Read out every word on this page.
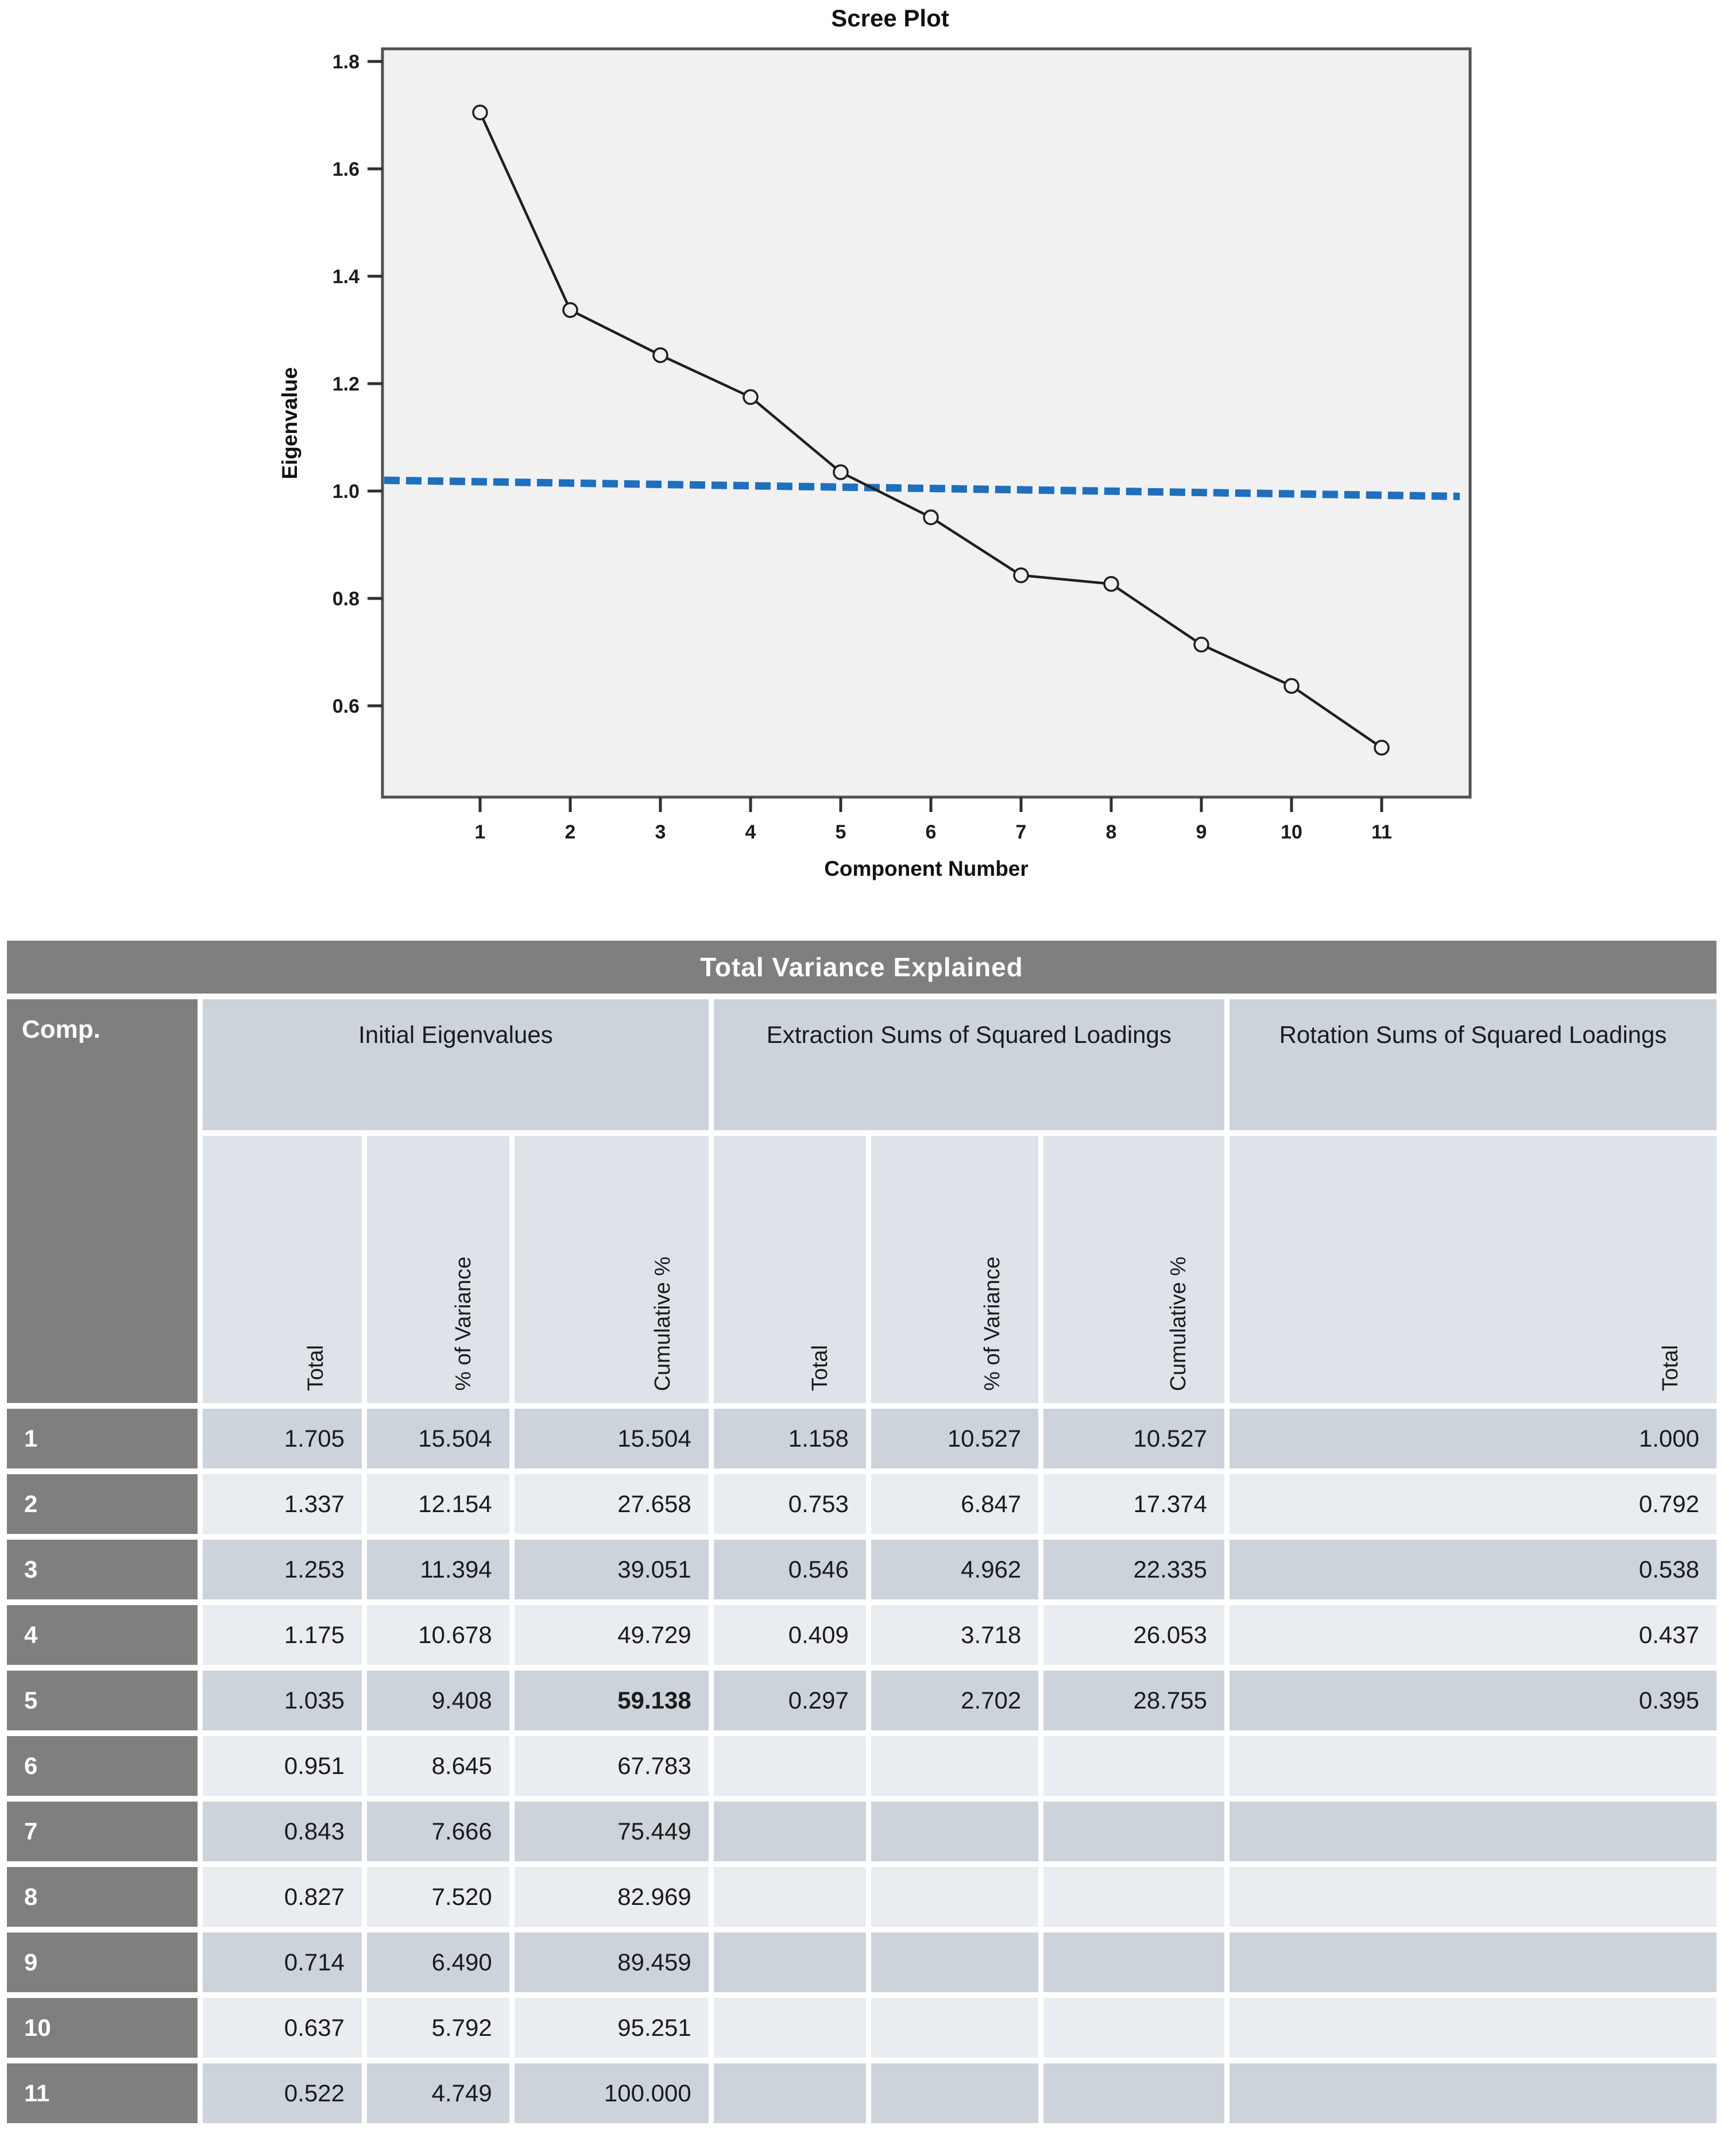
Scree Plot
Eigenvalue
1.8
1.6
1.4
1.2
1.0
0.8
0.6
1	2	3	4	5	6	7	8	9	10	11
Component Number
Total Variance Explained							
Comp.	Initial Eigenvalues			Extraction Sums of Squared Loadings			Rotation Sums of Squared Loadings
	Total	% of Variance	Cumulative %	Total	% of Variance	Cumulative %	Total
1	1.705	15.504	15.504	1.158	10.527	10.527	1.000
2	1.337	12.154	27.658	0.753	6.847	17.374	0.792
3	1.253	11.394	39.051	0.546	4.962	22.335	0.538
4	1.175	10.678	49.729	0.409	3.718	26.053	0.437
5	1.035	9.408	59.138	0.297	2.702	28.755	0.395
6	0.951	8.645	67.783				
7	0.843	7.666	75.449				
8	0.827	7.520	82.969				
9	0.714	6.490	89.459				
10	0.637	5.792	95.251				
11	0.522	4.749	100.000				
